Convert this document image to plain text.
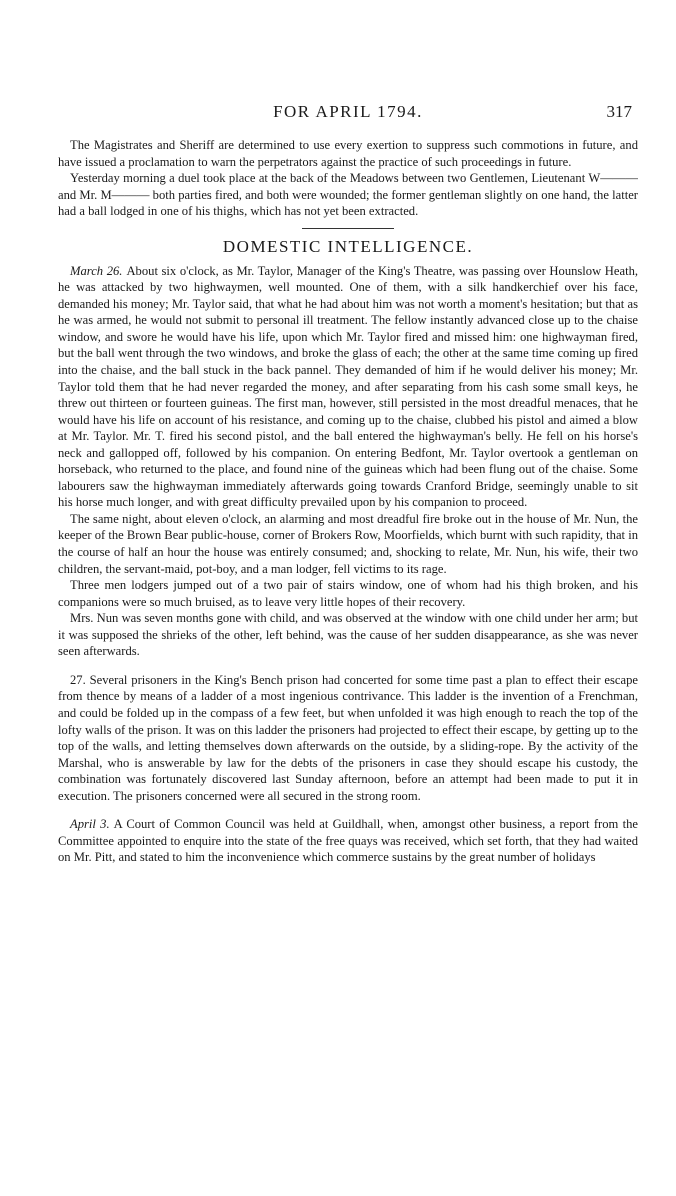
FOR APRIL 1794.	317

The Magistrates and Sheriff are determined to use every exertion to suppress such commotions in future, and have issued a proclamation to warn the perpetrators against the practice of such proceedings in future.

Yesterday morning a duel took place at the back of the Meadows between two Gentlemen, Lieutenant W——— and Mr. M——— both parties fired, and both were wounded; the former gentleman slightly on one hand, the latter had a ball lodged in one of his thighs, which has not yet been extracted.

DOMESTIC INTELLIGENCE.

March 26. About six o'clock, as Mr. Taylor, Manager of the King's Theatre, was passing over Hounslow Heath, he was attacked by two highwaymen, well mounted. One of them, with a silk handkerchief over his face, demanded his money; Mr. Taylor said, that what he had about him was not worth a moment's hesitation; but that as he was armed, he would not submit to personal ill treatment. The fellow instantly advanced close up to the chaise window, and swore he would have his life, upon which Mr. Taylor fired and missed him: one highwayman fired, but the ball went through the two windows, and broke the glass of each; the other at the same time coming up fired into the chaise, and the ball stuck in the back pannel. They demanded of him if he would deliver his money; Mr. Taylor told them that he had never regarded the money, and after separating from his cash some small keys, he threw out thirteen or fourteen guineas. The first man, however, still persisted in the most dreadful menaces, that he would have his life on account of his resistance, and coming up to the chaise, clubbed his pistol and aimed a blow at Mr. Taylor. Mr. T. fired his second pistol, and the ball entered the highwayman's belly. He fell on his horse's neck and gallopped off, followed by his companion. On entering Bedfont, Mr. Taylor overtook a gentleman on horseback, who returned to the place, and found nine of the guineas which had been flung out of the chaise. Some labourers saw the highwayman immediately afterwards going towards Cranford Bridge, seemingly unable to sit his horse much longer, and with great difficulty prevailed upon by his companion to proceed.

The same night, about eleven o'clock, an alarming and most dreadful fire broke out in the house of Mr. Nun, the keeper of the Brown Bear public-house, corner of Brokers Row, Moorfields, which burnt with such rapidity, that in the course of half an hour the house was entirely consumed; and, shocking to relate, Mr. Nun, his wife, their two children, the servant-maid, pot-boy, and a man lodger, fell victims to its rage.

Three men lodgers jumped out of a two pair of stairs window, one of whom had his thigh broken, and his companions were so much bruised, as to leave very little hopes of their recovery.

Mrs. Nun was seven months gone with child, and was observed at the window with one child under her arm; but it was supposed the shrieks of the other, left behind, was the cause of her sudden disappearance, as she was never seen afterwards.

27. Several prisoners in the King's Bench prison had concerted for some time past a plan to effect their escape from thence by means of a ladder of a most ingenious contrivance. This ladder is the invention of a Frenchman, and could be folded up in the compass of a few feet, but when unfolded it was high enough to reach the top of the lofty walls of the prison. It was on this ladder the prisoners had projected to effect their escape, by getting up to the top of the walls, and letting themselves down afterwards on the outside, by a sliding-rope. By the activity of the Marshal, who is answerable by law for the debts of the prisoners in case they should escape his custody, the combination was fortunately discovered last Sunday afternoon, before an attempt had been made to put it in execution. The prisoners concerned were all secured in the strong room.

April 3. A Court of Common Council was held at Guildhall, when, amongst other business, a report from the Committee appointed to enquire into the state of the free quays was received, which set forth, that they had waited on Mr. Pitt, and stated to him the inconvenience which commerce sustains by the great number of holidays
